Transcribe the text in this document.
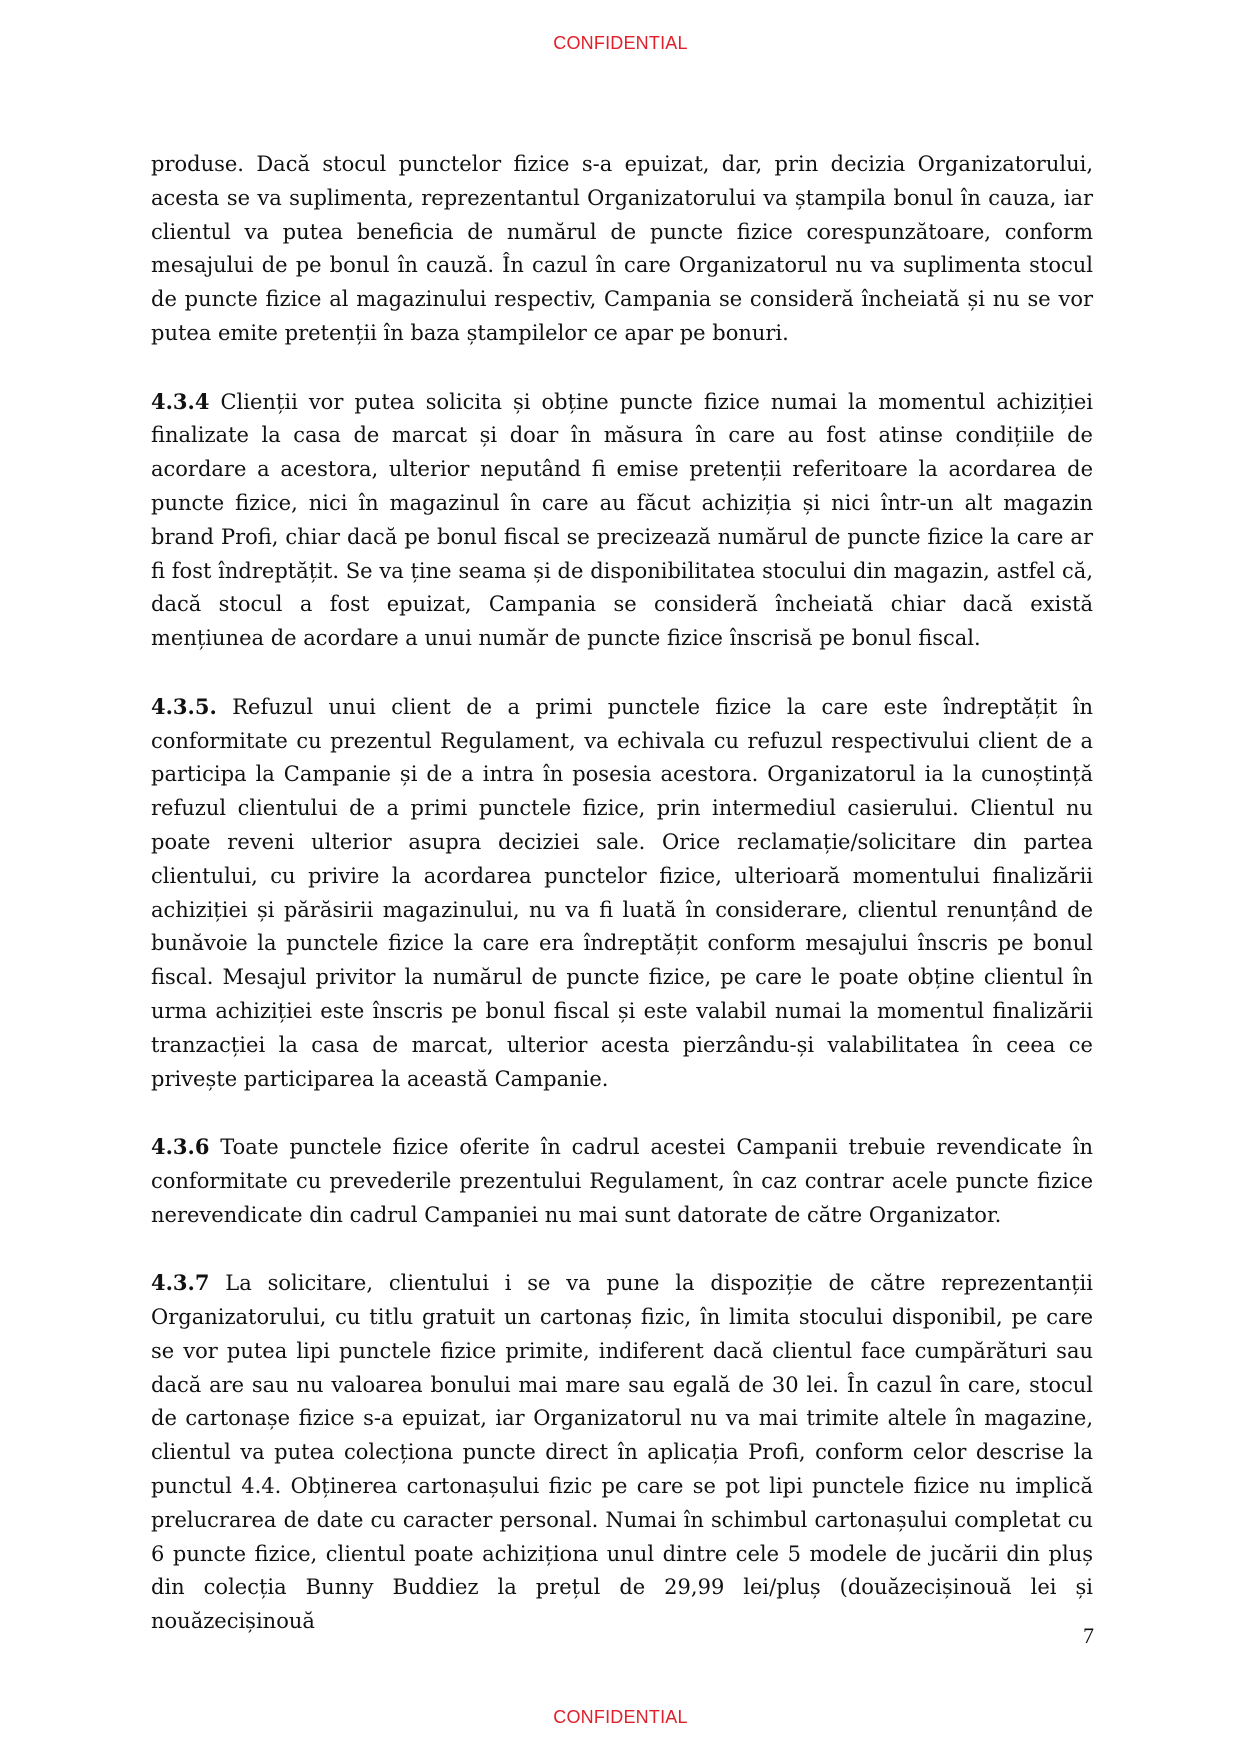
CONFIDENTIAL

produse. Dacă stocul punctelor fizice s-a epuizat, dar, prin decizia Organizatorului, acesta se va suplimenta, reprezentantul Organizatorului va ștampila bonul în cauza, iar clientul va putea beneficia de numărul de puncte fizice corespunzătoare, conform mesajului de pe bonul în cauză. În cazul în care Organizatorul nu va suplimenta stocul de puncte fizice al magazinului respectiv, Campania se consideră încheiată și nu se vor putea emite pretenții în baza ștampilelor ce apar pe bonuri.

4.3.4 Clienții vor putea solicita și obține puncte fizice numai la momentul achiziției finalizate la casa de marcat și doar în măsura în care au fost atinse condițiile de acordare a acestora, ulterior neputând fi emise pretenții referitoare la acordarea de puncte fizice, nici în magazinul în care au făcut achiziția și nici într-un alt magazin brand Profi, chiar dacă pe bonul fiscal se precizează numărul de puncte fizice la care ar fi fost îndreptățit. Se va ține seama și de disponibilitatea stocului din magazin, astfel că, dacă stocul a fost epuizat, Campania se consideră încheiată chiar dacă există mențiunea de acordare a unui număr de puncte fizice înscrisă pe bonul fiscal.

4.3.5. Refuzul unui client de a primi punctele fizice la care este îndreptățit în conformitate cu prezentul Regulament, va echivala cu refuzul respectivului client de a participa la Campanie și de a intra în posesia acestora. Organizatorul ia la cunoștință refuzul clientului de a primi punctele fizice, prin intermediul casierului. Clientul nu poate reveni ulterior asupra deciziei sale. Orice reclamație/solicitare din partea clientului, cu privire la acordarea punctelor fizice, ulterioară momentului finalizării achiziției și părăsirii magazinului, nu va fi luată în considerare, clientul renunțând de bunăvoie la punctele fizice la care era îndreptățit conform mesajului înscris pe bonul fiscal. Mesajul privitor la numărul de puncte fizice, pe care le poate obține clientul în urma achiziției este înscris pe bonul fiscal și este valabil numai la momentul finalizării tranzacției la casa de marcat, ulterior acesta pierzându-și valabilitatea în ceea ce privește participarea la această Campanie.

4.3.6 Toate punctele fizice oferite în cadrul acestei Campanii trebuie revendicate în conformitate cu prevederile prezentului Regulament, în caz contrar acele puncte fizice nerevendicate din cadrul Campaniei nu mai sunt datorate de către Organizator.

4.3.7 La solicitare, clientului i se va pune la dispoziție de către reprezentanții Organizatorului, cu titlu gratuit un cartonaș fizic, în limita stocului disponibil, pe care se vor putea lipi punctele fizice primite, indiferent dacă clientul face cumpărături sau dacă are sau nu valoarea bonului mai mare sau egală de 30 lei. În cazul în care, stocul de cartonașe fizice s-a epuizat, iar Organizatorul nu va mai trimite altele în magazine, clientul va putea colecționa puncte direct în aplicația Profi, conform celor descrise la punctul 4.4. Obținerea cartonașului fizic pe care se pot lipi punctele fizice nu implică prelucrarea de date cu caracter personal. Numai în schimbul cartonașului completat cu 6 puncte fizice, clientul poate achiziționa unul dintre cele 5 modele de jucării din pluș din colecția Bunny Buddiez la prețul de 29,99 lei/pluș (douăzecișinouă lei și nouăzecișinouă

7
CONFIDENTIAL
